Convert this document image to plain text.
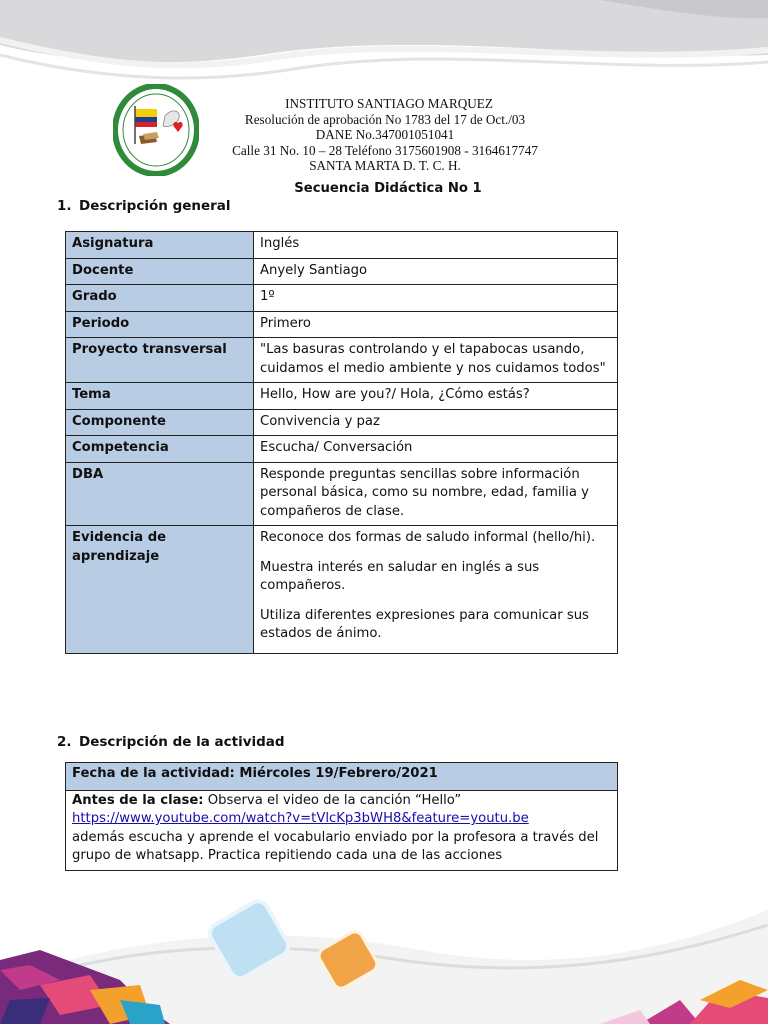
INSTITUTO SANTIAGO MARQUEZ
Resolución de aprobación No 1783 del 17 de Oct./03
DANE No.347001051041
Calle 31 No. 10 – 28 Teléfono 3175601908 - 3164617747
SANTA MARTA D. T. C. H.
Secuencia Didáctica No 1
1. Descripción general
Asignatura	Inglés

Docente	Anyely Santiago

Grado	1º

Periodo	Primero

Proyecto transversal	"Las basuras controlando y el tapabocas usando, cuidamos el medio ambiente y nos cuidamos todos"

Tema	Hello, How are you?/ Hola, ¿Cómo estás?

Componente	Convivencia y paz

Competencia	Escucha/ Conversación

DBA	Responde preguntas sencillas sobre información personal básica, como su nombre, edad, familia y compañeros de clase.

Evidencia de aprendizaje	Reconoce dos formas de saludo informal (hello/hi).

Muestra interés en saludar en inglés a sus compañeros.

Utiliza diferentes expresiones para comunicar sus estados de ánimo.

2. Descripción de la actividad
Fecha de la actividad: Miércoles 19/Febrero/2021
Antes de la clase: Observa el video de la canción “Hello”
https://www.youtube.com/watch?v=tVlcKp3bWH8&feature=youtu.be
además escucha y aprende el vocabulario enviado por la profesora a través del grupo de whatsapp. Practica repitiendo cada una de las acciones
